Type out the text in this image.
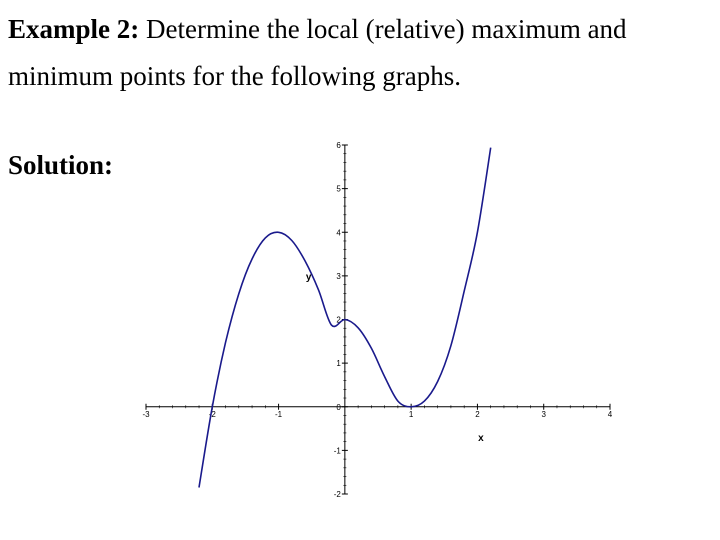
Example 2: Determine the local (relative) maximum and minimum points for the following graphs.

Solution:

-3	-2	-1	1	2	3	4
-2
-1
0
1
2
3
4
5
6
x
y
